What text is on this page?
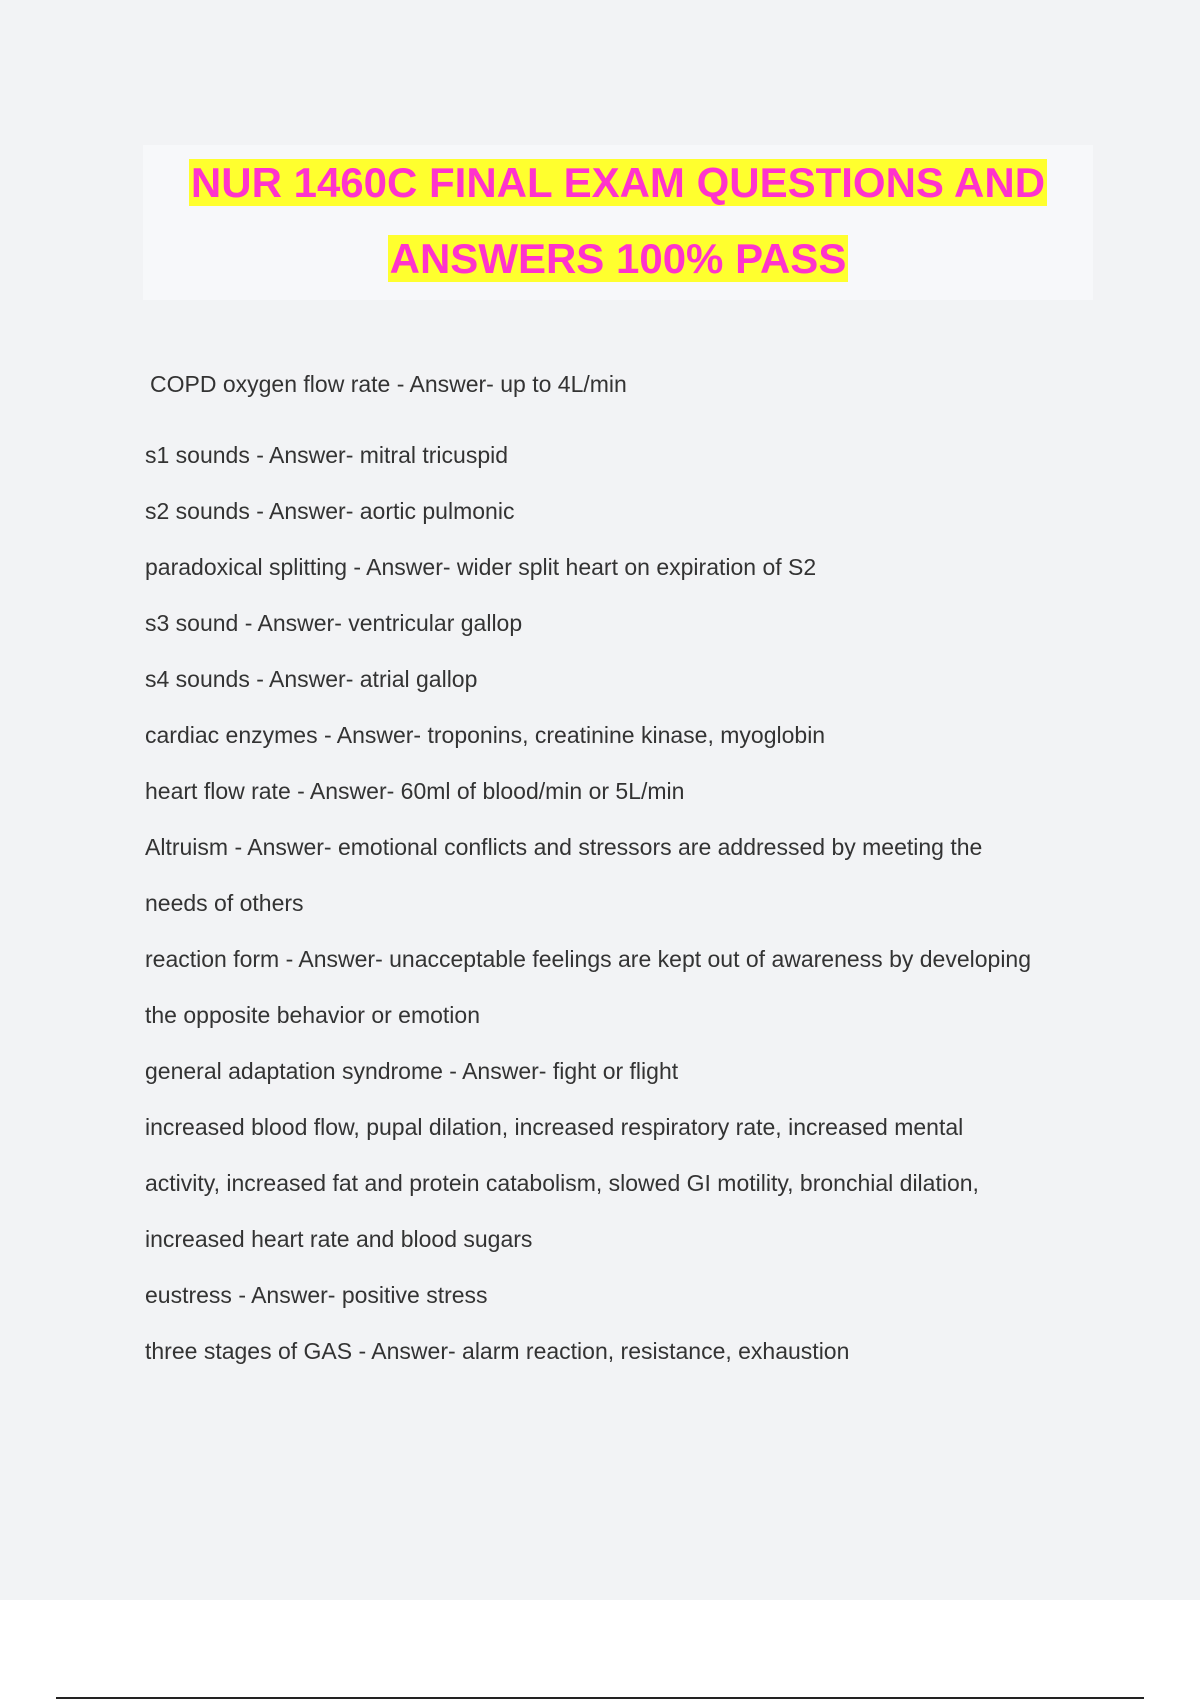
NUR 1460C FINAL EXAM QUESTIONS AND
ANSWERS 100% PASS
COPD oxygen flow rate - Answer- up to 4L/min
s1 sounds - Answer- mitral tricuspid
s2 sounds - Answer- aortic pulmonic
paradoxical splitting - Answer- wider split heart on expiration of S2
s3 sound - Answer- ventricular gallop
s4 sounds - Answer- atrial gallop
cardiac enzymes - Answer- troponins, creatinine kinase, myoglobin
heart flow rate - Answer- 60ml of blood/min or 5L/min
Altruism - Answer- emotional conflicts and stressors are addressed by meeting the
needs of others
reaction form - Answer- unacceptable feelings are kept out of awareness by developing
the opposite behavior or emotion
general adaptation syndrome - Answer- fight or flight
increased blood flow, pupal dilation, increased respiratory rate, increased mental
activity, increased fat and protein catabolism, slowed GI motility, bronchial dilation,
increased heart rate and blood sugars
eustress - Answer- positive stress
three stages of GAS - Answer- alarm reaction, resistance, exhaustion
